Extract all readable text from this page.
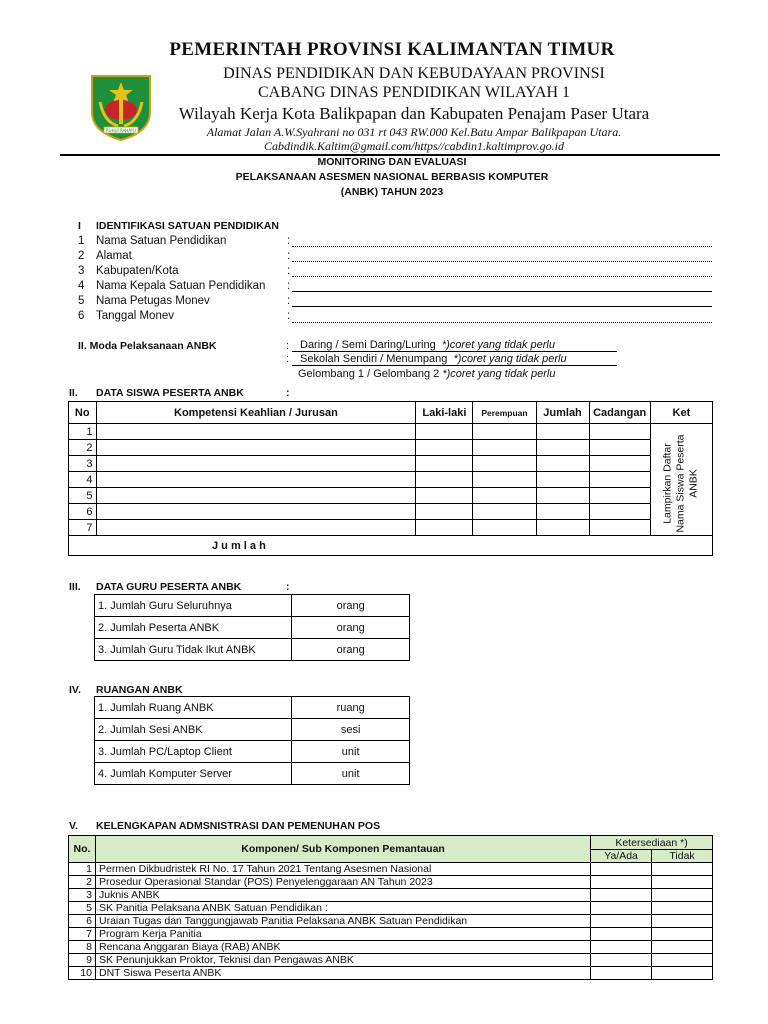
RUHUI RAHAYU
PEMERINTAH PROVINSI KALIMANTAN TIMUR
DINAS PENDIDIKAN DAN KEBUDAYAAN PROVINSI
CABANG DINAS PENDIDIKAN WILAYAH 1
Wilayah Kerja Kota Balikpapan dan Kabupaten Penajam Paser Utara
Alamat Jalan A.W.Syahrani no 031 rt 043 RW.000 Kel.Batu Ampar Balikpapan Utara.
Cabdindik.Kaltim@gmail.com/https//cabdin1.kaltimprov.go.id
MONITORING DAN EVALUASI
PELAKSANAAN ASESMEN NASIONAL BERBASIS KOMPUTER
(ANBK) TAHUN 2023
I IDENTIFIKASI SATUAN PENDIDIKAN
1 Nama Satuan Pendidikan	:
2 Alamat	:
3 Kabupaten/Kota	:
4 Nama Kepala Satuan Pendidikan :
5 Nama Petugas Monev	:
6 Tanggal Monev	:
II. Moda Pelaksanaan ANBK	: Daring / Semi Daring/Luring *)coret yang tidak perlu
: Sekolah Sendiri / Menumpang *)coret yang tidak perlu
Gelombang 1 / Gelombang 2 *)coret yang tidak perlu
II. DATA SISWA PESERTA ANBK	:
No	Kompetensi Keahlian / Jurusan	Laki-laki	Perempuan	Jumlah	Cadangan	Ket
1						Lampirkan Daftar Nama Siswa Peserta ANBK

2						
3						
4						
5						
6						
7						
J u m l a h						
III. DATA GURU PESERTA ANBK	:
1. Jumlah Guru Seluruhnya	orang
2. Jumlah Peserta ANBK	orang
3. Jumlah Guru Tidak Ikut ANBK	orang
IV. RUANGAN ANBK
1. Jumlah Ruang ANBK	ruang
2. Jumlah Sesi ANBK	sesi
3. Jumlah PC/Laptop Client	unit
4. Jumlah Komputer Server	unit
V. KELENGKAPAN ADMSNISTRASI DAN PEMENUHAN POS
No.	Komponen/ Sub Komponen Pemantauan	Ketersediaan *)	
		Ya/Ada	Tidak
1	Permen Dikbudristek RI No. 17 Tahun 2021 Tentang Asesmen Nasional		
2	Prosedur Operasional Standar (POS) Penyelenggaraan AN Tahun 2023		
3	Juknis ANBK		
5	SK Panitia Pelaksana ANBK Satuan Pendidikan :		
6	Uraian Tugas dan Tanggungjawab Panitia Pelaksana ANBK Satuan Pendidikan		
7	Program Kerja Panitia		
8	Rencana Anggaran Biaya (RAB) ANBK		
9	SK Penunjukkan Proktor, Teknisi dan Pengawas ANBK		
10	DNT Siswa Peserta ANBK		
